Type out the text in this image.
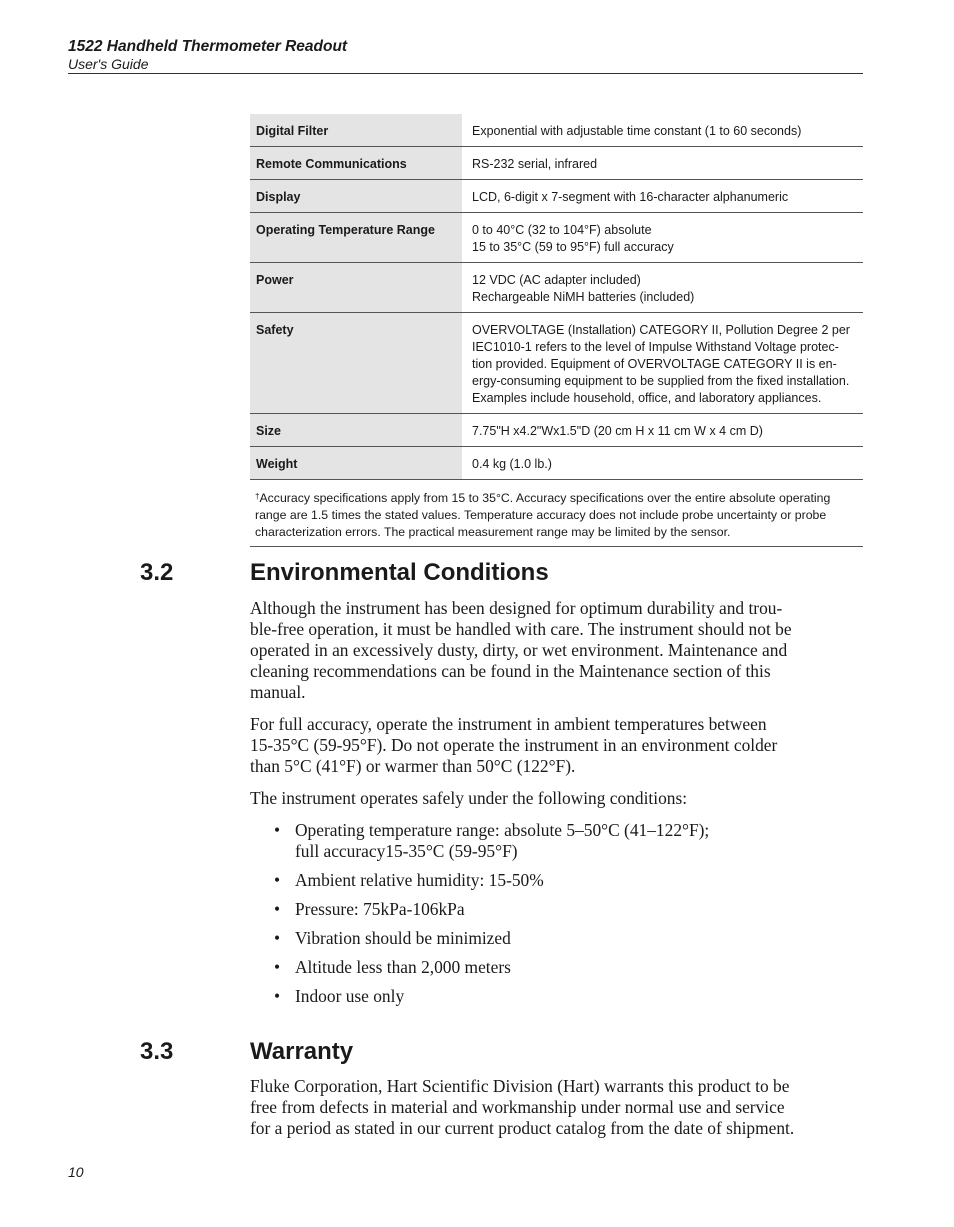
1522 Handheld Thermometer Readout
User's Guide
Digital Filter	Exponential with adjustable time constant (1 to 60 seconds)
Remote Communications	RS-232 serial, infrared
Display	LCD, 6-digit x 7-segment with 16-character alphanumeric
Operating Temperature Range	0 to 40°C (32 to 104°F) absolute
15 to 35°C (59 to 95°F) full accuracy
Power	12 VDC (AC adapter included)
Rechargeable NiMH batteries (included)
Safety	OVERVOLTAGE (Installation) CATEGORY II, Pollution Degree 2 per
IEC1010-1 refers to the level of Impulse Withstand Voltage protec-
tion provided. Equipment of OVERVOLTAGE CATEGORY II is en-
ergy-consuming equipment to be supplied from the fixed installation.
Examples include household, office, and laboratory appliances.
Size	7.75"H x4.2"Wx1.5"D (20 cm H x 11 cm W x 4 cm D)
Weight	0.4 kg (1.0 lb.)
†Accuracy specifications apply from 15 to 35°C. Accuracy specifications over the entire absolute operating
range are 1.5 times the stated values. Temperature accuracy does not include probe uncertainty or probe
characterization errors. The practical measurement range may be limited by the sensor.	
3.2	Environmental Conditions

Although the instrument has been designed for optimum durability and trou-
ble-free operation, it must be handled with care. The instrument should not be
operated in an excessively dusty, dirty, or wet environment. Maintenance and
cleaning recommendations can be found in the Maintenance section of this
manual.

For full accuracy, operate the instrument in ambient temperatures between
15-35°C (59-95°F). Do not operate the instrument in an environment colder
than 5°C (41°F) or warmer than 50°C (122°F).

The instrument operates safely under the following conditions:

• Operating temperature range: absolute 5–50°C (41–122°F);
full accuracy15-35°C (59-95°F)
• Ambient relative humidity: 15-50%
• Pressure: 75kPa-106kPa
• Vibration should be minimized
• Altitude less than 2,000 meters
• Indoor use only
3.3	Warranty

Fluke Corporation, Hart Scientific Division (Hart) warrants this product to be
free from defects in material and workmanship under normal use and service
for a period as stated in our current product catalog from the date of shipment.

10
